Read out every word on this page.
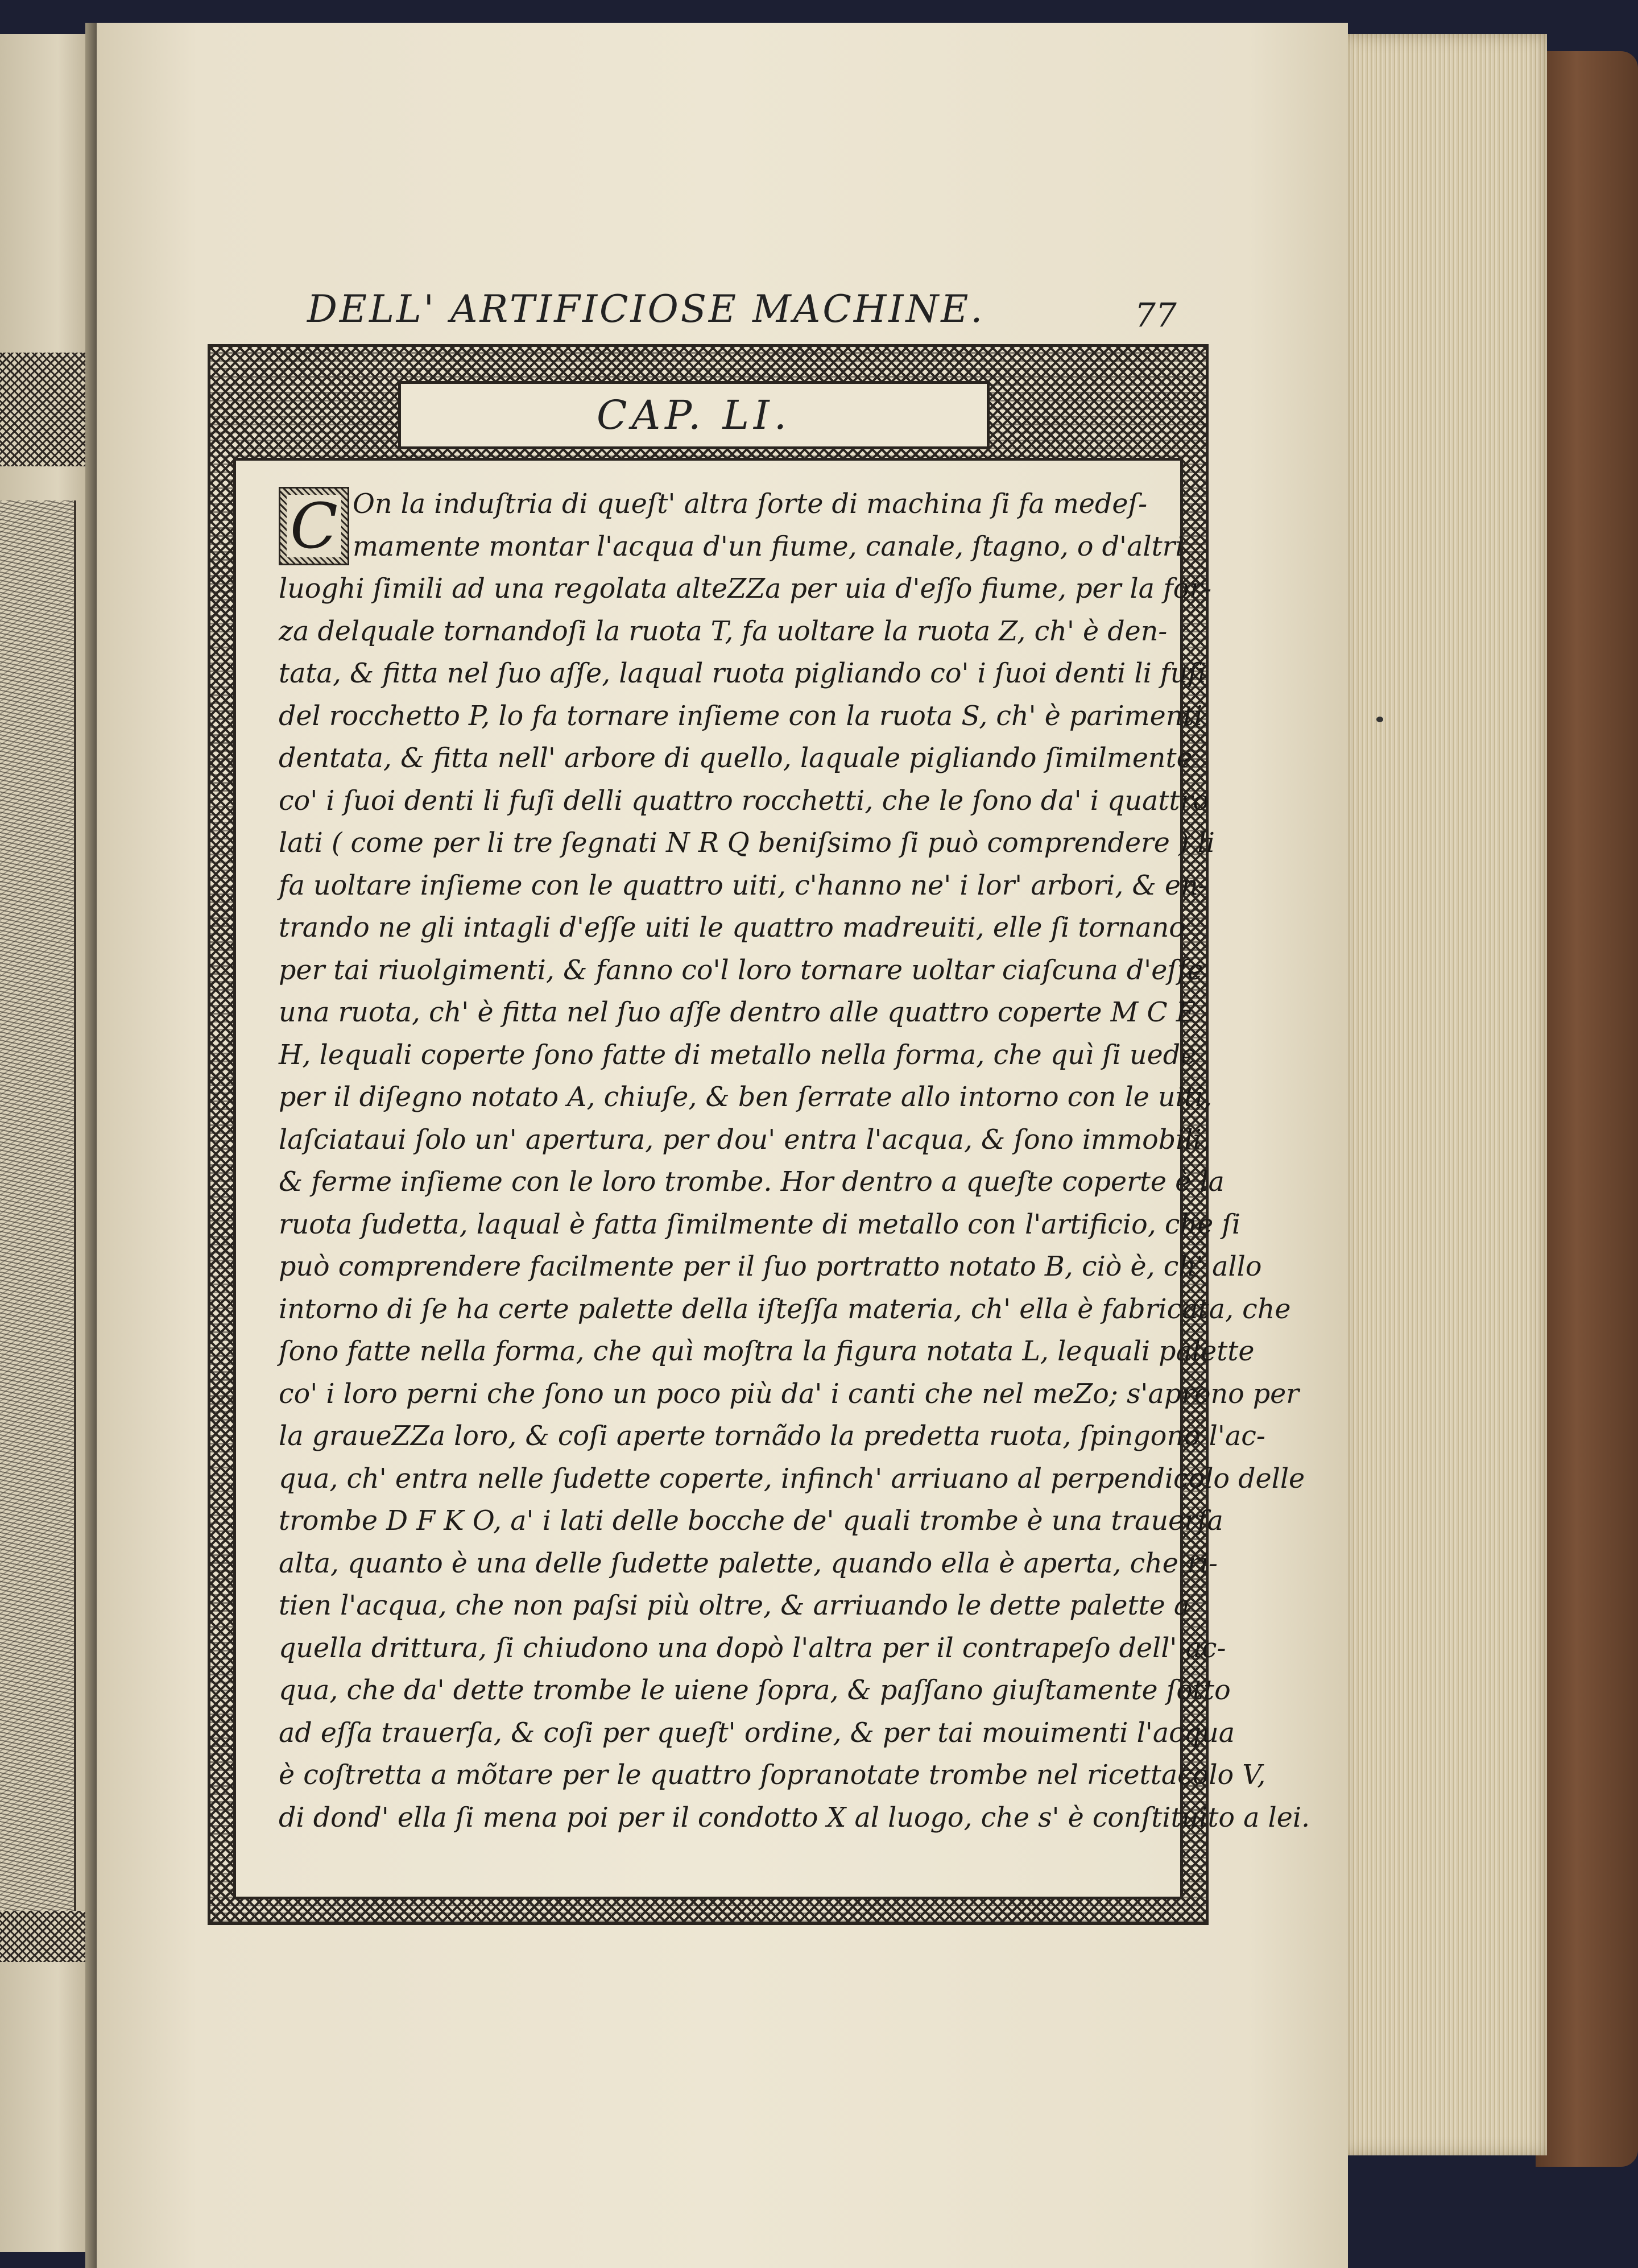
DELL' ARTIFICIOSE MACHINE.	77
CAP. LI.
C On la induſtria di queſt' altra ſorte di machina ſi fa medeſ-
mamente montar l'acqua d'un fiume, canale, ſtagno, o d'altri
luoghi ſimili ad una regolata alteZZa per uia d'eſſo fiume, per la for-
za delquale tornandoſi la ruota T, fa uoltare la ruota Z, ch' è den-
tata, & fitta nel ſuo aſſe, laqual ruota pigliando co' i ſuoi denti li fuſi
del rocchetto P, lo fa tornare inſieme con la ruota S, ch' è parimenti
dentata, & fitta nell' arbore di quello, laquale pigliando ſimilmente
co' i ſuoi denti li fuſi delli quattro rocchetti, che le ſono da' i quattro
lati ( come per li tre ſegnati N R Q beniſsimo ſi può comprendere ) li
fa uoltare inſieme con le quattro uiti, c'hanno ne' i lor' arbori, & en-
trando ne gli intagli d'eſſe uiti le quattro madreuiti, elle ſi tornano
per tai riuolgimenti, & fanno co'l loro tornare uoltar ciaſcuna d'eſſe
una ruota, ch' è fitta nel ſuo aſſe dentro alle quattro coperte M C E
H, lequali coperte ſono fatte di metallo nella forma, che quì ſi uede
per il diſegno notato A, chiuſe, & ben ſerrate allo intorno con le uiti,
laſciataui ſolo un' apertura, per dou' entra l'acqua, & ſono immobili,
& ferme inſieme con le loro trombe. Hor dentro a queſte coperte è la
ruota ſudetta, laqual è fatta ſimilmente di metallo con l'artificio, che ſi
può comprendere facilmente per il ſuo portratto notato B, ciò è, ch' allo
intorno di ſe ha certe palette della iſteſſa materia, ch' ella è fabricata, che
ſono fatte nella forma, che quì moſtra la figura notata L, lequali palette
co' i loro perni che ſono un poco più da' i canti che nel meZo; s'aprono per
la graueZZa loro, & coſi aperte tornãdo la predetta ruota, ſpingono l'ac-
qua, ch' entra nelle ſudette coperte, infinch' arriuano al perpendicolo delle
trombe D F K O, a' i lati delle bocche de' quali trombe è una trauerſa
alta, quanto è una delle ſudette palette, quando ella è aperta, che ri-
tien l'acqua, che non paſsi più oltre, & arriuando le dette palette a
quella drittura, ſi chiudono una dopò l'altra per il contrapeſo dell' ac-
qua, che da' dette trombe le uiene ſopra, & paſſano giuſtamente ſotto
ad eſſa trauerſa, & coſi per queſt' ordine, & per tai mouimenti l'acqua
è coſtretta a mõtare per le quattro ſopranotate trombe nel ricettacolo V,
di dond' ella ſi mena poi per il condotto X al luogo, che s' è conſtituito a lei.
